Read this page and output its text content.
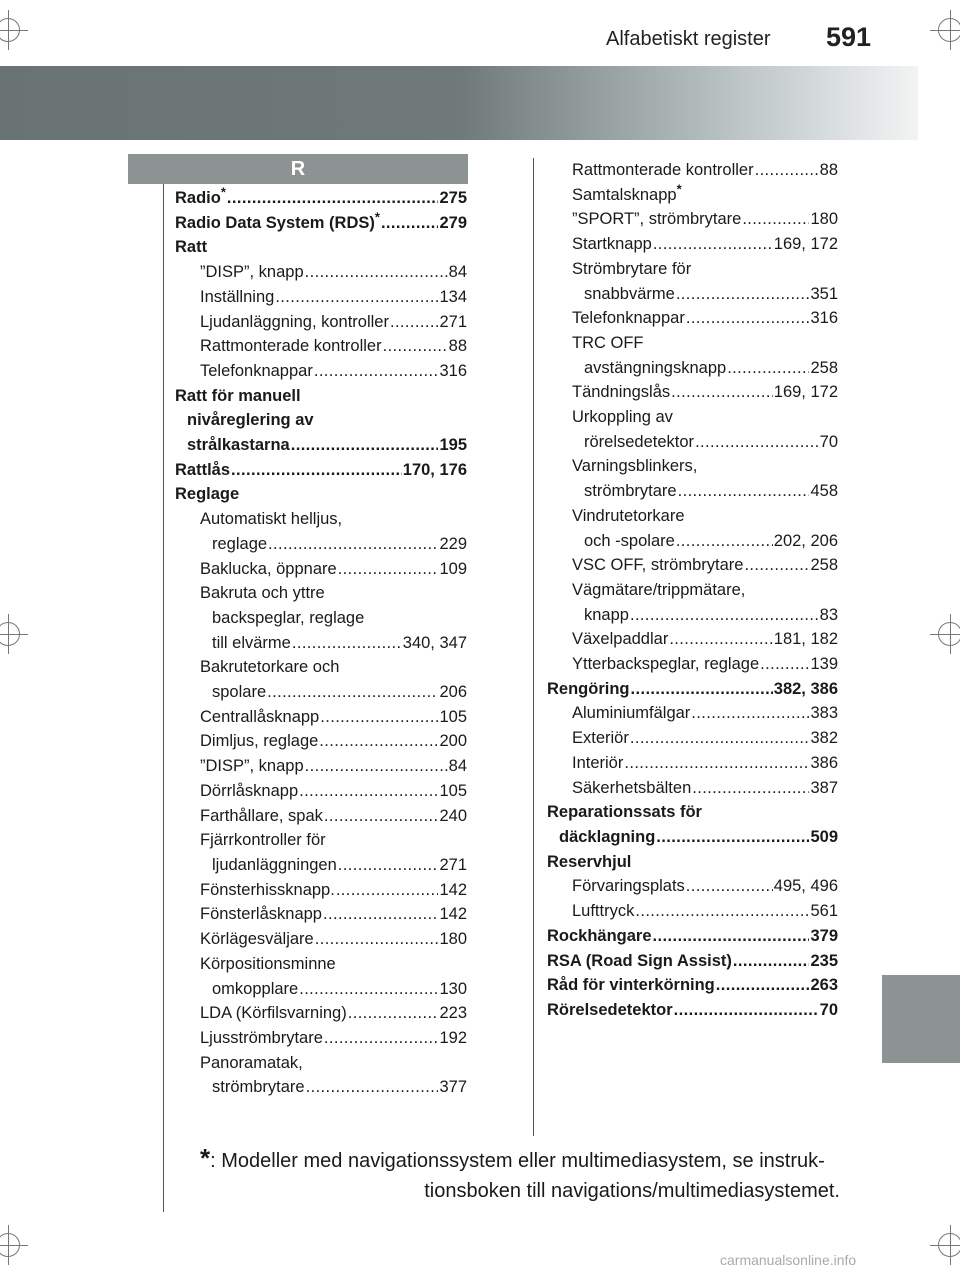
Alfabetiskt register 591
R
Radio* .....	275
Radio Data System (RDS)* .....	279
Ratt
”DISP”, knapp .....	84
Inställning .....	134
Ljudanläggning, kontroller .....	271
Rattmonterade kontroller .....	88
Telefonknappar .....	316
Ratt för manuell
nivåreglering av
strålkastarna .....	195
Rattlås .....	170, 176
Reglage
Automatiskt helljus,
reglage .....	229
Baklucka, öppnare .....	109
Bakruta och yttre
backspeglar, reglage
till elvärme .....	340, 347
Bakrutetorkare och
spolare .....	206
Centrallåsknapp .....	105
Dimljus, reglage .....	200
”DISP”, knapp .....	84
Dörrlåsknapp .....	105
Farthållare, spak .....	240
Fjärrkontroller för
ljudanläggningen .....	271
Fönsterhissknapp. .....	142
Fönsterlåsknapp .....	142
Körlägesväljare .....	180
Körpositionsminne
omkopplare .....	130
LDA (Körfilsvarning) .....	223
Ljusströmbrytare .....	192
Panoramatak,
strömbrytare .....	377
Rattmonterade kontroller .....	88
Samtalsknapp*
”SPORT”, strömbrytare .....	180
Startknapp .....	169, 172
Strömbrytare för
snabbvärme .....	351
Telefonknappar .....	316
TRC OFF
avstängningsknapp .....	258
Tändningslås .....	169, 172
Urkoppling av
rörelsedetektor .....	70
Varningsblinkers,
strömbrytare .....	458
Vindrutetorkare
och -spolare .....	202, 206
VSC OFF, strömbrytare .....	258
Vägmätare/trippmätare,
knapp .....	83
Växelpaddlar .....	181, 182
Ytterbackspeglar, reglage .....	139
Rengöring .....	382, 386
Aluminiumfälgar .....	383
Exteriör .....	382
Interiör .....	386
Säkerhetsbälten .....	387
Reparationssats för
däcklagning .....	509
Reservhjul
Förvaringsplats .....	495, 496
Lufttryck .....	561
Rockhängare .....	379
RSA (Road Sign Assist) .....	235
Råd för vinterkörning .....	263
Rörelsedetektor .....	70
*: Modeller med navigationssystem eller multimediasystem, se instruk-
tionsboken till navigations/multimediasystemet.
carmanualsonline.info
